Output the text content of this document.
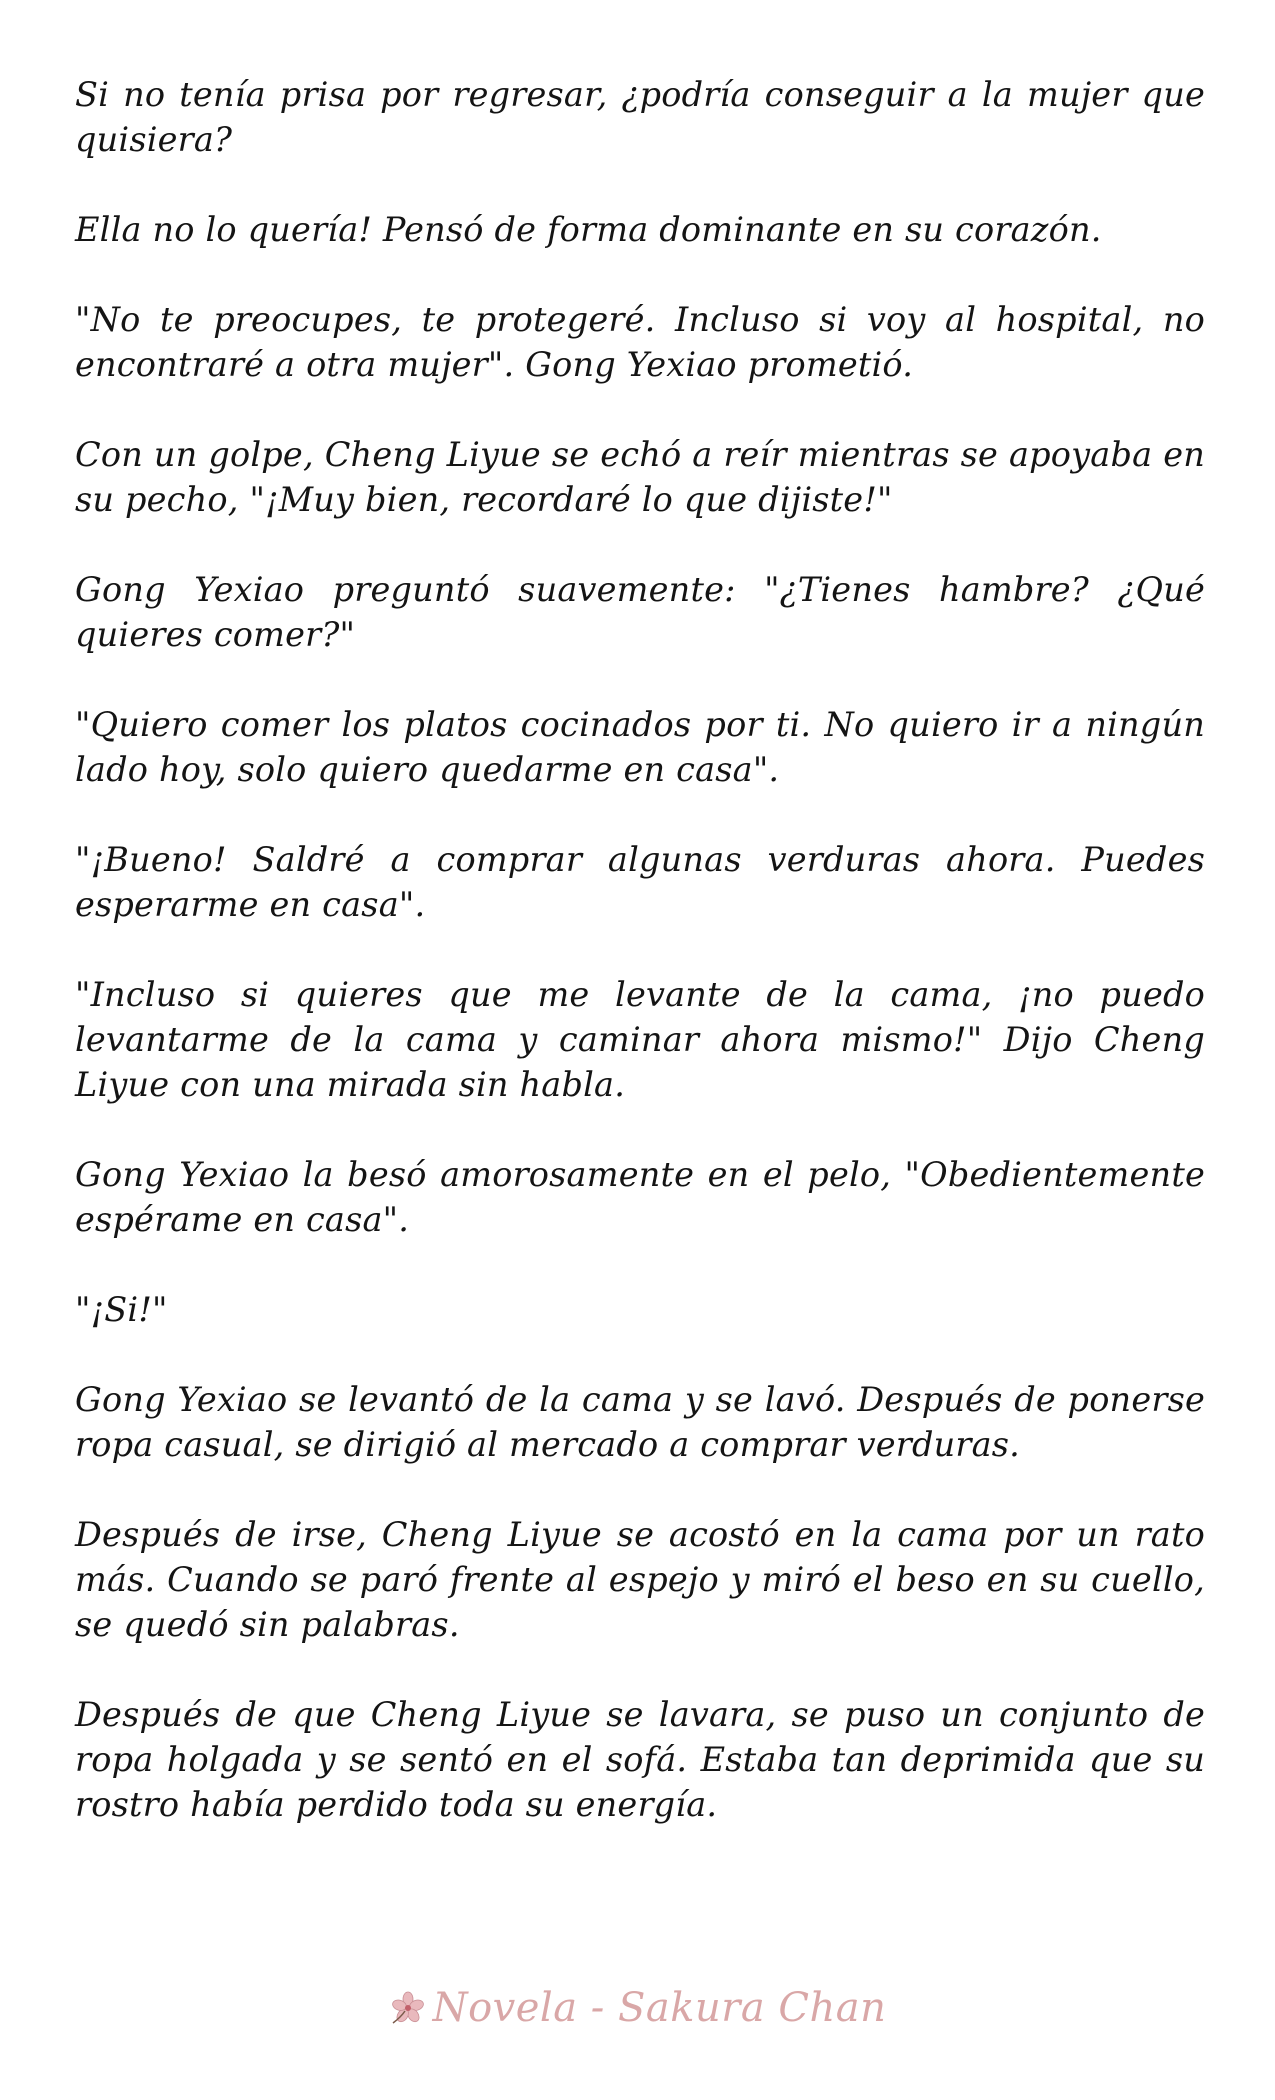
Si no tenía prisa por regresar, ¿podría conseguir a la mujer que quisiera?

Ella no lo quería! Pensó de forma dominante en su corazón.

"No te preocupes, te protegeré. Incluso si voy al hospital, no encontraré a otra mujer". Gong Yexiao prometió.

Con un golpe, Cheng Liyue se echó a reír mientras se apoyaba en su pecho, "¡Muy bien, recordaré lo que dijiste!"

Gong Yexiao preguntó suavemente: "¿Tienes hambre? ¿Qué quieres comer?"

"Quiero comer los platos cocinados por ti. No quiero ir a ningún lado hoy, solo quiero quedarme en casa".

"¡Bueno! Saldré a comprar algunas verduras ahora. Puedes esperarme en casa".

"Incluso si quieres que me levante de la cama, ¡no puedo levantarme de la cama y caminar ahora mismo!" Dijo Cheng Liyue con una mirada sin habla.

Gong Yexiao la besó amorosamente en el pelo, "Obedientemente espérame en casa".

"¡Si!"

Gong Yexiao se levantó de la cama y se lavó. Después de ponerse ropa casual, se dirigió al mercado a comprar verduras.

Después de irse, Cheng Liyue se acostó en la cama por un rato más. Cuando se paró frente al espejo y miró el beso en su cuello, se quedó sin palabras.

Después de que Cheng Liyue se lavara, se puso un conjunto de ropa holgada y se sentó en el sofá. Estaba tan deprimida que su rostro había perdido toda su energía.

Novela - Sakura Chan
